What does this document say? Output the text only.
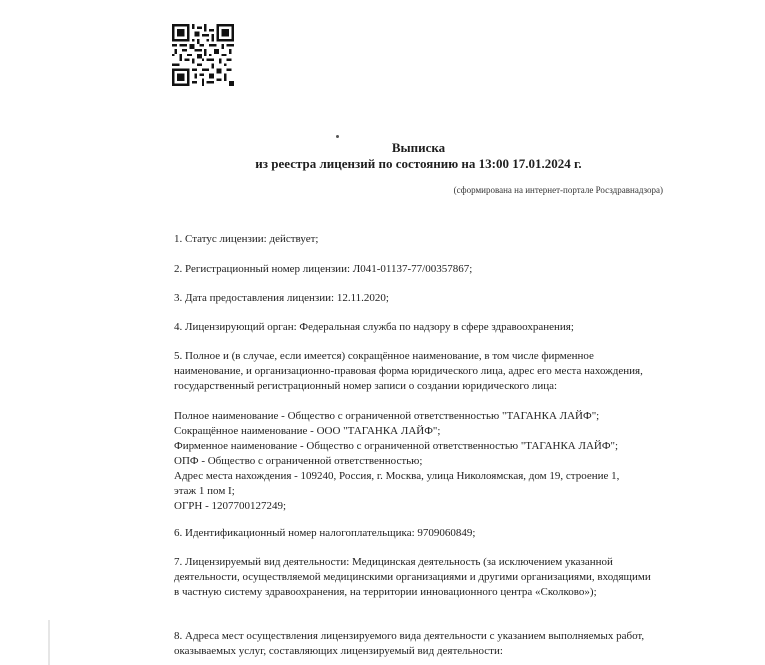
Выписка
из реестра лицензий по состоянию на 13:00 17.01.2024 г.
(сформирована на интернет-портале Росздравнадзора)
1. Статус лицензии: действует;
2. Регистрационный номер лицензии: Л041-01137-77/00357867;
3. Дата предоставления лицензии: 12.11.2020;
4. Лицензирующий орган: Федеральная служба по надзору в сфере здравоохранения;
5. Полное и (в случае, если имеется) сокращённое наименование, в том числе фирменное наименование, и организационно-правовая форма юридического лица, адрес его места нахождения, государственный регистрационный номер записи о создании юридического лица:
Полное наименование - Общество с ограниченной ответственностью "ТАГАНКА ЛАЙФ";
Сокращённое наименование - ООО "ТАГАНКА ЛАЙФ";
Фирменное наименование - Общество с ограниченной ответственностью "ТАГАНКА ЛАЙФ";
ОПФ - Общество с ограниченной ответственностью;
Адрес места нахождения - 109240, Россия, г. Москва, улица Николоямская, дом 19, строение 1,
этаж 1 пом I;
ОГРН - 1207700127249;
6. Идентификационный номер налогоплательщика: 9709060849;
7. Лицензируемый вид деятельности: Медицинская деятельность (за исключением указанной деятельности, осуществляемой медицинскими организациями и другими организациями, входящими в частную систему здравоохранения, на территории инновационного центра «Сколково»);
8. Адреса мест осуществления лицензируемого вида деятельности с указанием выполняемых работ, оказываемых услуг, составляющих лицензируемый вид деятельности:
